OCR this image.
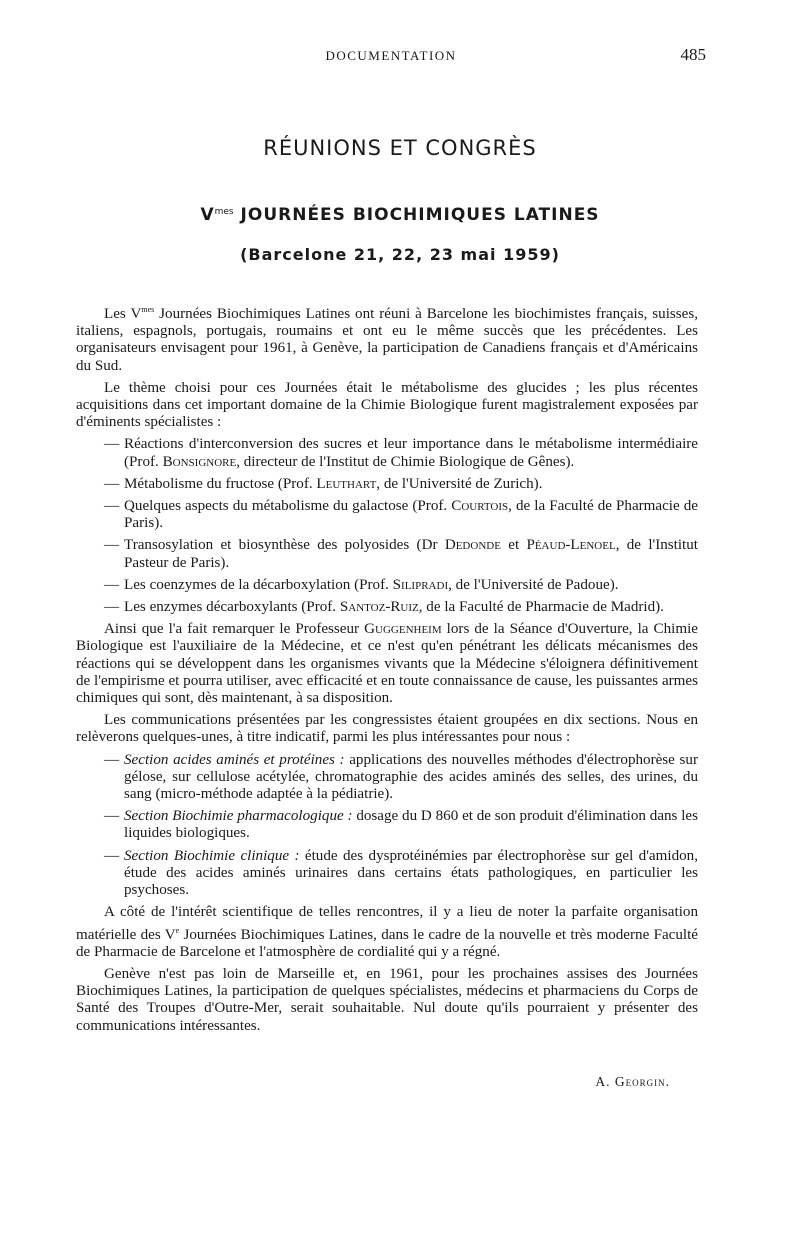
DOCUMENTATION	485
RÉUNIONS ET CONGRÈS
$V^{mes}$ JOURNÉES BIOCHIMIQUES LATINES
(Barcelone 21, 22, 23 mai 1959)

Les $V^{mes}$ Journées Biochimiques Latines ont réuni à Barcelone les biochimistes français, suisses, italiens, espagnols, portugais, roumains et ont eu le même succès que les précédentes. Les organisateurs envisagent pour 1961, à Genève, la participation de Canadiens français et d'Américains du Sud.

Le thème choisi pour ces Journées était le métabolisme des glucides ; les plus récentes acquisitions dans cet important domaine de la Chimie Biologique furent magistralement exposées par d'éminents spécialistes :

— Réactions d'interconversion des sucres et leur importance dans le métabolisme intermédiaire (Prof. Bonsignore, directeur de l'Institut de Chimie Biologique de Gênes).
— Métabolisme du fructose (Prof. Leuthart, de l'Université de Zurich).
— Quelques aspects du métabolisme du galactose (Prof. Courtois, de la Faculté de Pharmacie de Paris).
— Transosylation et biosynthèse des polyosides (Dr Dedonde et Péaud-Lenoel, de l'Institut Pasteur de Paris).
— Les coenzymes de la décarboxylation (Prof. Silipradi, de l'Université de Padoue).
— Les enzymes décarboxylants (Prof. Santoz-Ruiz, de la Faculté de Pharmacie de Madrid).

Ainsi que l'a fait remarquer le Professeur Guggenheim lors de la Séance d'Ouverture, la Chimie Biologique est l'auxiliaire de la Médecine, et ce n'est qu'en pénétrant les délicats mécanismes des réactions qui se développent dans les organismes vivants que la Médecine s'éloignera définitivement de l'empirisme et pourra utiliser, avec efficacité et en toute connaissance de cause, les puissantes armes chimiques qui sont, dès maintenant, à sa disposition.

Les communications présentées par les congressistes étaient groupées en dix sections. Nous en relèverons quelques-unes, à titre indicatif, parmi les plus intéressantes pour nous :

— Section acides aminés et protéines : applications des nouvelles méthodes d'électrophorèse sur gélose, sur cellulose acétylée, chromatographie des acides aminés des selles, des urines, du sang (micro-méthode adaptée à la pédiatrie).
— Section Biochimie pharmacologique : dosage du D 860 et de son produit d'élimination dans les liquides biologiques.
— Section Biochimie clinique : étude des dysprotéinémies par électrophorèse sur gel d'amidon, étude des acides aminés urinaires dans certains états pathologiques, en particulier les psychoses.

A côté de l'intérêt scientifique de telles rencontres, il y a lieu de noter la parfaite organisation matérielle des Ve Journées Biochimiques Latines, dans le cadre de la nouvelle et très moderne Faculté de Pharmacie de Barcelone et l'atmosphère de cordialité qui y a régné.

Genève n'est pas loin de Marseille et, en 1961, pour les prochaines assises des Journées Biochimiques Latines, la participation de quelques spécialistes, médecins et pharmaciens du Corps de Santé des Troupes d'Outre-Mer, serait souhaitable. Nul doute qu'ils pourraient y présenter des communications intéressantes.

A. Georgin.
